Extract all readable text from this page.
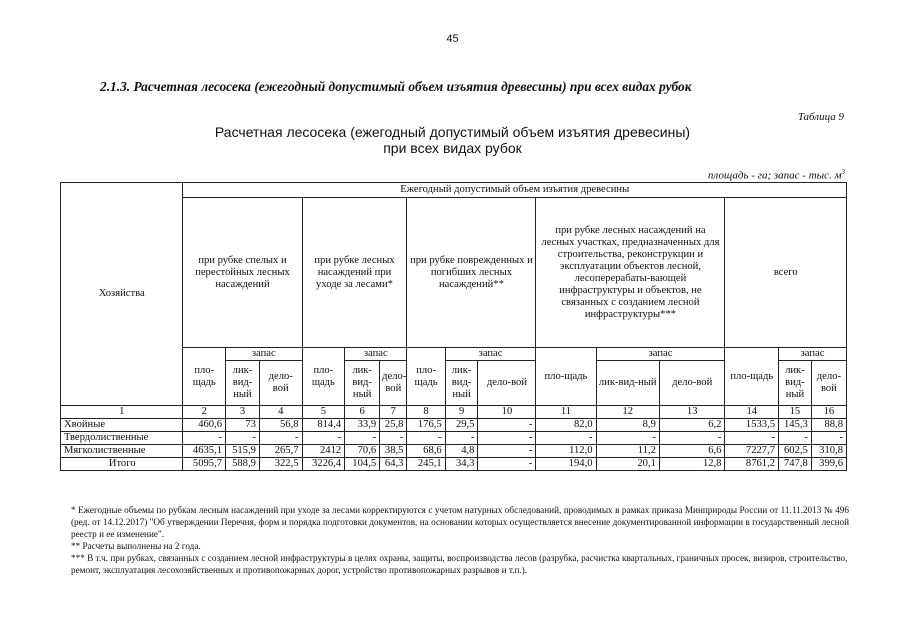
45
2.1.3. Расчетная лесосека (ежегодный допустимый объем изъятия древесины) при всех видах рубок
Таблица 9
Расчетная лесосека (ежегодный допустимый объем изъятия древесины)
при всех видах рубок
площадь - га; запас - тыс. $м^3$
Хозяйства	Ежегодный допустимый объем изъятия древесины														
	при рубке спелых и перестойных лесных насаждений			при рубке лесных насаждений при уходе за лесами*			при рубке поврежденных и погибших лесных насаждений**			при рубке лесных насаждений на лесных участках, предназначенных для строительства, реконструкции и эксплуатации объектов лесной, лесоперерабаты-вающей инфраструктуры и объектов, не связанных с созданием лесной инфраструктуры***			всего		
	пло-щадь	запас		пло-щадь	запас		пло-щадь	запас		пло-щадь	запас		пло-щадь	запас	
		лик-вид-ный	дело-вой		лик-вид-ный	дело-вой		лик-вид-ный	дело-вой		лик-вид-ный	дело-вой		лик-вид-ный	дело-вой
1	2	3	4	5	6	7	8	9	10	11	12	13	14	15	16
Хвойные	460,6	73	56,8	814,4	33,9	25,8	176,5	29,5	-	82,0	8,9	6,2	1533,5	145,3	88,8
Твердолиственные	-	-	-	-	-	-	-	-	-	-	-	-	-	-	-
Мягколиственные	4635,1	515,9	265,7	2412	70,6	38,5	68,6	4,8	-	112,0	11,2	6,6	7227,7	602,5	310,8
Итого	5095,7	588,9	322,5	3226,4	104,5	64,3	245,1	34,3	-	194,0	20,1	12,8	8761,2	747,8	399,6

* Ежегодные объемы по рубкам лесным насаждений при уходе за лесами корректируются с учетом натурных обследований, проводимых в рамках приказа Минприроды России от 11.11.2013 № 496 (ред. от 14.12.2017) "Об утверждении Перечня, форм и порядка подготовки документов, на основании которых осуществляется внесение документированной информации в государственный лесной реестр и ее изменение".

** Расчеты выполнены на 2 года.

*** В т.ч. при рубках, связанных с созданием лесной инфраструктуры в целях охраны, защиты, воспроизводства лесов (разрубка, расчистка квартальных, граничных просек, визиров, строительство, ремонт, эксплуатация лесохозяйственных и противопожарных дорог, устройство противопожарных разрывов и т.п.).
